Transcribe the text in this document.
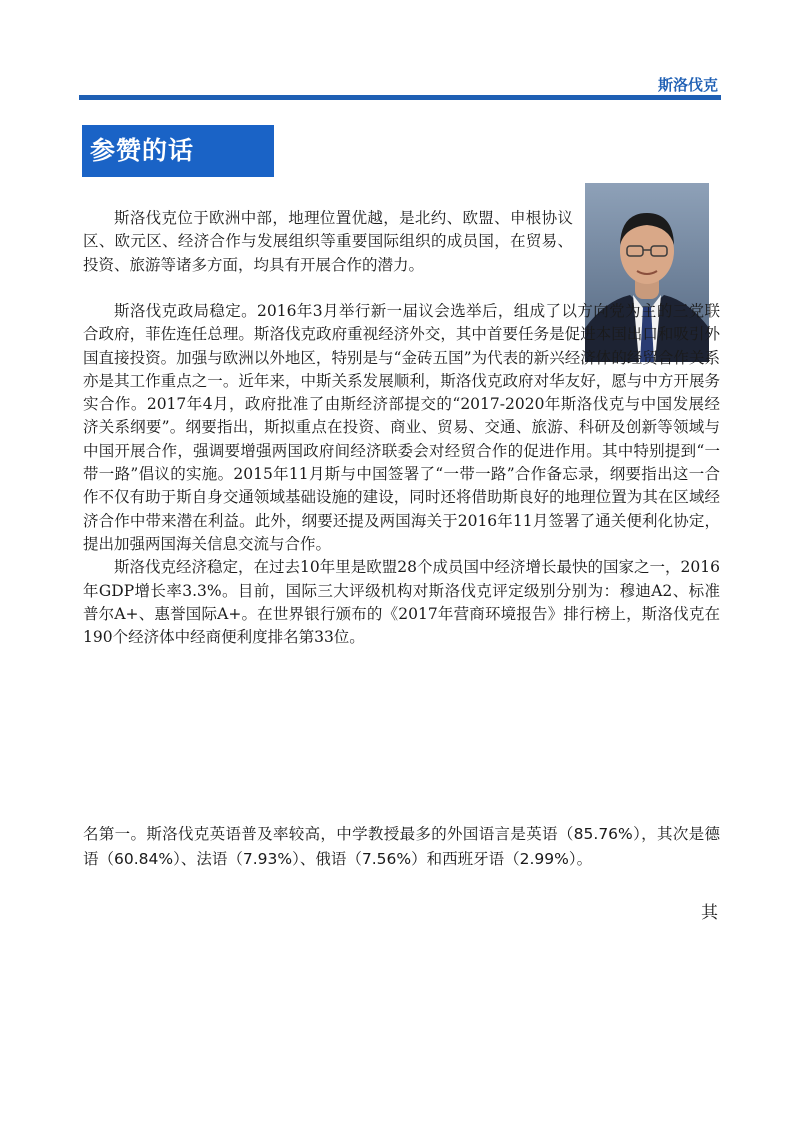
斯洛伐克
参赞的话

斯洛伐克位于欧洲中部，地理位置优越，是北约、欧盟、申根协议区、欧元区、经济合作与发展组织等重要国际组织的成员国，在贸易、投资、旅游等诸多方面，均具有开展合作的潜力。

斯洛伐克政局稳定。2016年3月举行新一届议会选举后，组成了以方向党为主的三党联合政府，菲佐连任总理。斯洛伐克政府重视经济外交，其中首要任务是促进本国出口和吸引外国直接投资。加强与欧洲以外地区，特别是与“金砖五国”为代表的新兴经济体的经贸合作关系亦是其工作重点之一。近年来，中斯关系发展顺利，斯洛伐克政府对华友好，愿与中方开展务实合作。2017年4月，政府批准了由斯经济部提交的“2017-2020年斯洛伐克与中国发展经济关系纲要”。纲要指出，斯拟重点在投资、商业、贸易、交通、旅游、科研及创新等领域与中国开展合作，强调要增强两国政府间经济联委会对经贸合作的促进作用。其中特别提到“一带一路”倡议的实施。2015年11月斯与中国签署了“一带一路”合作备忘录，纲要指出这一合作不仅有助于斯自身交通领域基础设施的建设，同时还将借助斯良好的地理位置为其在区域经济合作中带来潜在利益。此外，纲要还提及两国海关于2016年11月签署了通关便利化协定，提出加强两国海关信息交流与合作。

斯洛伐克经济稳定，在过去10年里是欧盟28个成员国中经济增长最快的国家之一，2016年GDP增长率3.3%。目前，国际三大评级机构对斯洛伐克评定级别分别为：穆迪A2、标准普尔A+、惠誉国际A+。在世界银行颁布的《2017年营商环境报告》排行榜上，斯洛伐克在190个经济体中经商便利度排名第33位。

名第一。斯洛伐克英语普及率较高，中学教授最多的外国语言是英语（85.76%），其次是德语（60.84%）、法语（7.93%）、俄语（7.56%）和西班牙语（2.99%）。

其
